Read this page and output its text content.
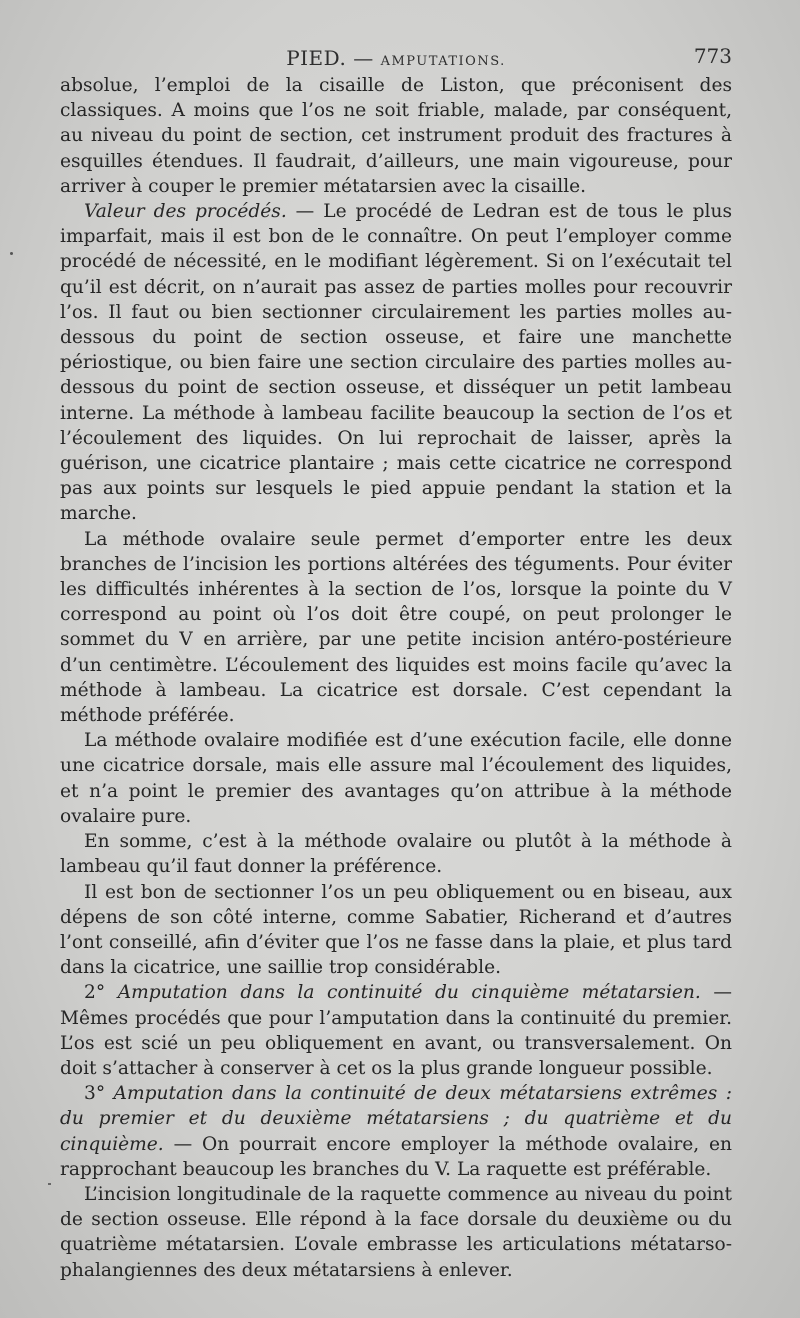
PIED. — AMPUTATIONS.	773

absolue, l’emploi de la cisaille de Liston, que préconisent des classiques. A moins que l’os ne soit friable, malade, par conséquent, au niveau du point de section, cet instrument produit des fractures à esquilles étendues. Il faudrait, d’ailleurs, une main vigoureuse, pour arriver à couper le premier métatarsien avec la cisaille.

Valeur des procédés. — Le procédé de Ledran est de tous le plus imparfait, mais il est bon de le connaître. On peut l’employer comme procédé de nécessité, en le modifiant légèrement. Si on l’exécutait tel qu’il est décrit, on n’aurait pas assez de parties molles pour recouvrir l’os. Il faut ou bien sectionner circulairement les parties molles au-dessous du point de section osseuse, et faire une manchette périostique, ou bien faire une section circulaire des parties molles au-dessous du point de section osseuse, et disséquer un petit lambeau interne. La méthode à lambeau facilite beaucoup la section de l’os et l’écoulement des liquides. On lui reprochait de laisser, après la guérison, une cicatrice plantaire ; mais cette cicatrice ne correspond pas aux points sur lesquels le pied appuie pendant la station et la marche.

La méthode ovalaire seule permet d’emporter entre les deux branches de l’incision les portions altérées des téguments. Pour éviter les difficultés inhérentes à la section de l’os, lorsque la pointe du V correspond au point où l’os doit être coupé, on peut prolonger le sommet du V en arrière, par une petite incision antéro-postérieure d’un centimètre. L’écoulement des liquides est moins facile qu’avec la méthode à lambeau. La cicatrice est dorsale. C’est cependant la méthode préférée.

La méthode ovalaire modifiée est d’une exécution facile, elle donne une cicatrice dorsale, mais elle assure mal l’écoulement des liquides, et n’a point le premier des avantages qu’on attribue à la méthode ovalaire pure.

En somme, c’est à la méthode ovalaire ou plutôt à la méthode à lambeau qu’il faut donner la préférence.

Il est bon de sectionner l’os un peu obliquement ou en biseau, aux dépens de son côté interne, comme Sabatier, Richerand et d’autres l’ont conseillé, afin d’éviter que l’os ne fasse dans la plaie, et plus tard dans la cicatrice, une saillie trop considérable.

2° Amputation dans la continuité du cinquième métatarsien. — Mêmes procédés que pour l’amputation dans la continuité du premier. L’os est scié un peu obliquement en avant, ou transversalement. On doit s’attacher à conserver à cet os la plus grande longueur possible.

3° Amputation dans la continuité de deux métatarsiens extrêmes : du premier et du deuxième métatarsiens ; du quatrième et du cinquième. — On pourrait encore employer la méthode ovalaire, en rapprochant beaucoup les branches du V. La raquette est préférable.

L’incision longitudinale de la raquette commence au niveau du point de section osseuse. Elle répond à la face dorsale du deuxième ou du quatrième métatarsien. L’ovale embrasse les articulations métatarso-phalangiennes des deux métatarsiens à enlever.
